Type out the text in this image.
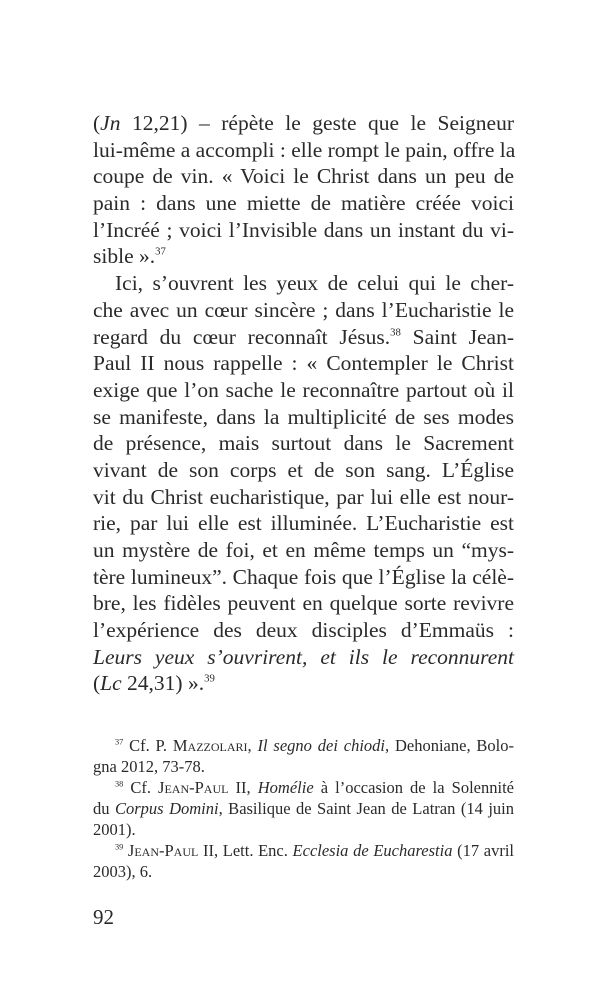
(Jn 12,21) – répète le geste que le Seigneur
lui-même a accompli : elle rompt le pain, offre la
coupe de vin. « Voici le Christ dans un peu de
pain : dans une miette de matière créée voici
l’Incréé ; voici l’Invisible dans un instant du vi-
sible ».$^{37}$
Ici, s’ouvrent les yeux de celui qui le cher-
che avec un cœur sincère ; dans l’Eucharistie le
regard du cœur reconnaît Jésus.$^{38}$ Saint Jean-
Paul II nous rappelle : « Contempler le Christ
exige que l’on sache le reconnaître partout où il
se manifeste, dans la multiplicité de ses modes
de présence, mais surtout dans le Sacrement
vivant de son corps et de son sang. L’Église
vit du Christ eucharistique, par lui elle est nour-
rie, par lui elle est illuminée. L’Eucharistie est
un mystère de foi, et en même temps un “mys-
tère lumineux”. Chaque fois que l’Église la célè-
bre, les fidèles peuvent en quelque sorte revivre
l’expérience des deux disciples d’Emmaüs :
Leurs yeux s’ouvrirent, et ils le reconnurent
(Lc 24,31) ».$^{39}$
$^{37}$ Cf. P. Mazzolari, Il segno dei chiodi, Dehoniane, Bolo-
gna 2012, 73-78.
$^{38}$ Cf. Jean-Paul II, Homélie à l’occasion de la Solennité
du Corpus Domini, Basilique de Saint Jean de Latran (14 juin
2001).
$^{39}$ Jean-Paul II, Lett. Enc. Ecclesia de Eucharestia (17 avril
2003), 6.
92
